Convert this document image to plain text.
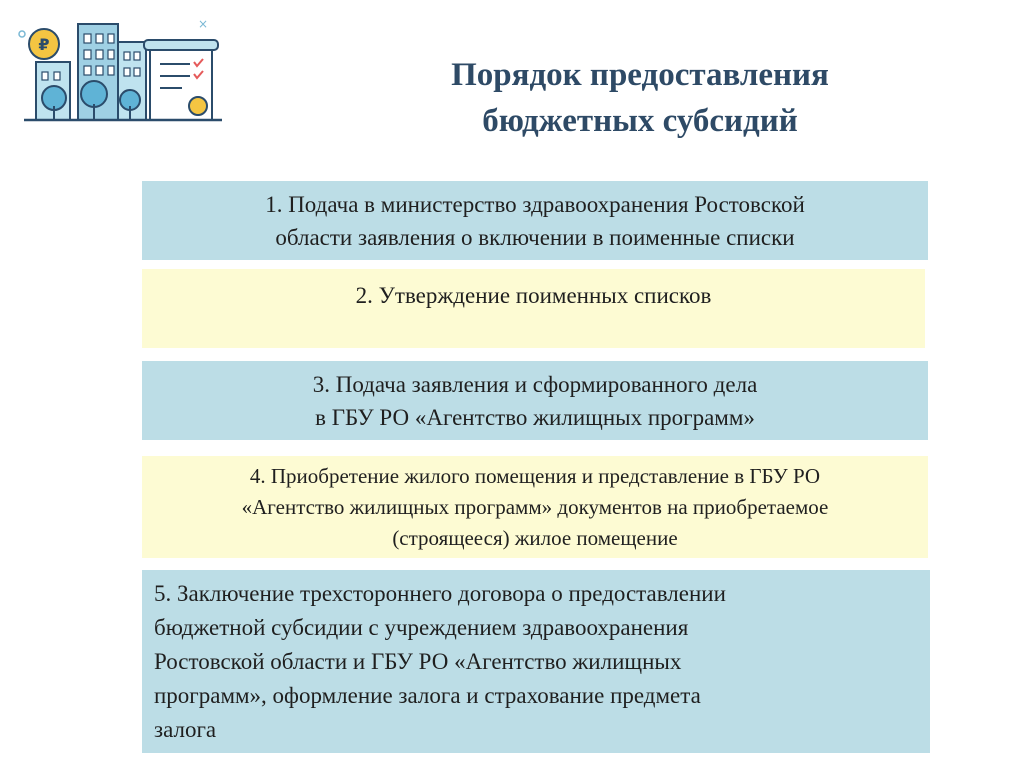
₽
×
Порядок предоставления
бюджетных субсидий
1. Подача в министерство здравоохранения Ростовской
области заявления о включении в поименные списки
2. Утверждение поименных списков
3. Подача заявления и сформированного дела
в ГБУ РО «Агентство жилищных программ»
4. Приобретение жилого помещения и представление в ГБУ РО
«Агентство жилищных программ» документов на приобретаемое
(строящееся) жилое помещение
5. Заключение трехстороннего договора о предоставлении
бюджетной субсидии с учреждением здравоохранения
Ростовской области и ГБУ РО «Агентство жилищных
программ», оформление залога и страхование предмета
залога
